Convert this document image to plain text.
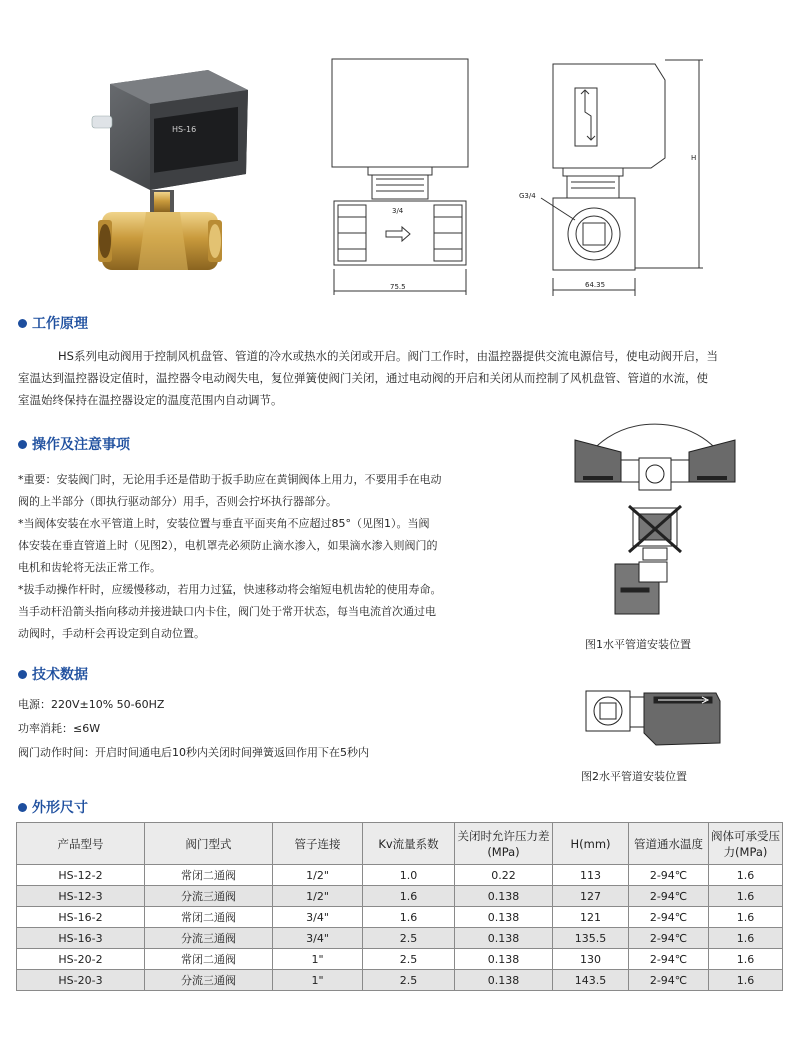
HS-16
3/4
75.5
G3/4
64.35
H
工作原理

HS系列电动阀用于控制风机盘管、管道的冷水或热水的关闭或开启。阀门工作时，由温控器提供交流电源信号，使电动阀开启，当

室温达到温控器设定值时，温控器令电动阀失电，复位弹簧使阀门关闭，通过电动阀的开启和关闭从而控制了风机盘管、管道的水流，使

室温始终保持在温控器设定的温度范围内自动调节。

操作及注意事项

*重要：安装阀门时，无论用手还是借助于扳手助应在黄铜阀体上用力，不要用手在电动

阀的上半部分（即执行驱动部分）用手，否则会拧坏执行器部分。

*当阀体安装在水平管道上时，安装位置与垂直平面夹角不应超过85°（见图1）。当阀

体安装在垂直管道上时（见图2），电机罩壳必须防止滴水渗入，如果滴水渗入则阀门的

电机和齿轮将无法正常工作。

*拔手动操作杆时，应缓慢移动，若用力过猛，快速移动将会缩短电机齿轮的使用寿命。

当手动杆沿箭头指向移动并接进缺口内卡住，阀门处于常开状态，每当电流首次通过电

动阀时，手动杆会再设定到自动位置。

图1水平管道安装位置
图2水平管道安装位置
技术数据

电源：220V±10% 50-60HZ

功率消耗：≤6W

阀门动作时间：开启时间通电后10秒内关闭时间弹簧返回作用下在5秒内

外形尺寸
产品型号	阀门型式	管子连接	Kv流量系数	关闭时允许压力差(MPa)	H(mm)	管道通水温度	阀体可承受压力(MPa)
HS-12-2	常闭二通阀	1/2"	1.0	0.22	113	2-94℃	1.6
HS-12-3	分流三通阀	1/2"	1.6	0.138	127	2-94℃	1.6
HS-16-2	常闭二通阀	3/4"	1.6	0.138	121	2-94℃	1.6
HS-16-3	分流三通阀	3/4"	2.5	0.138	135.5	2-94℃	1.6
HS-20-2	常闭二通阀	1"	2.5	0.138	130	2-94℃	1.6
HS-20-3	分流三通阀	1"	2.5	0.138	143.5	2-94℃	1.6
